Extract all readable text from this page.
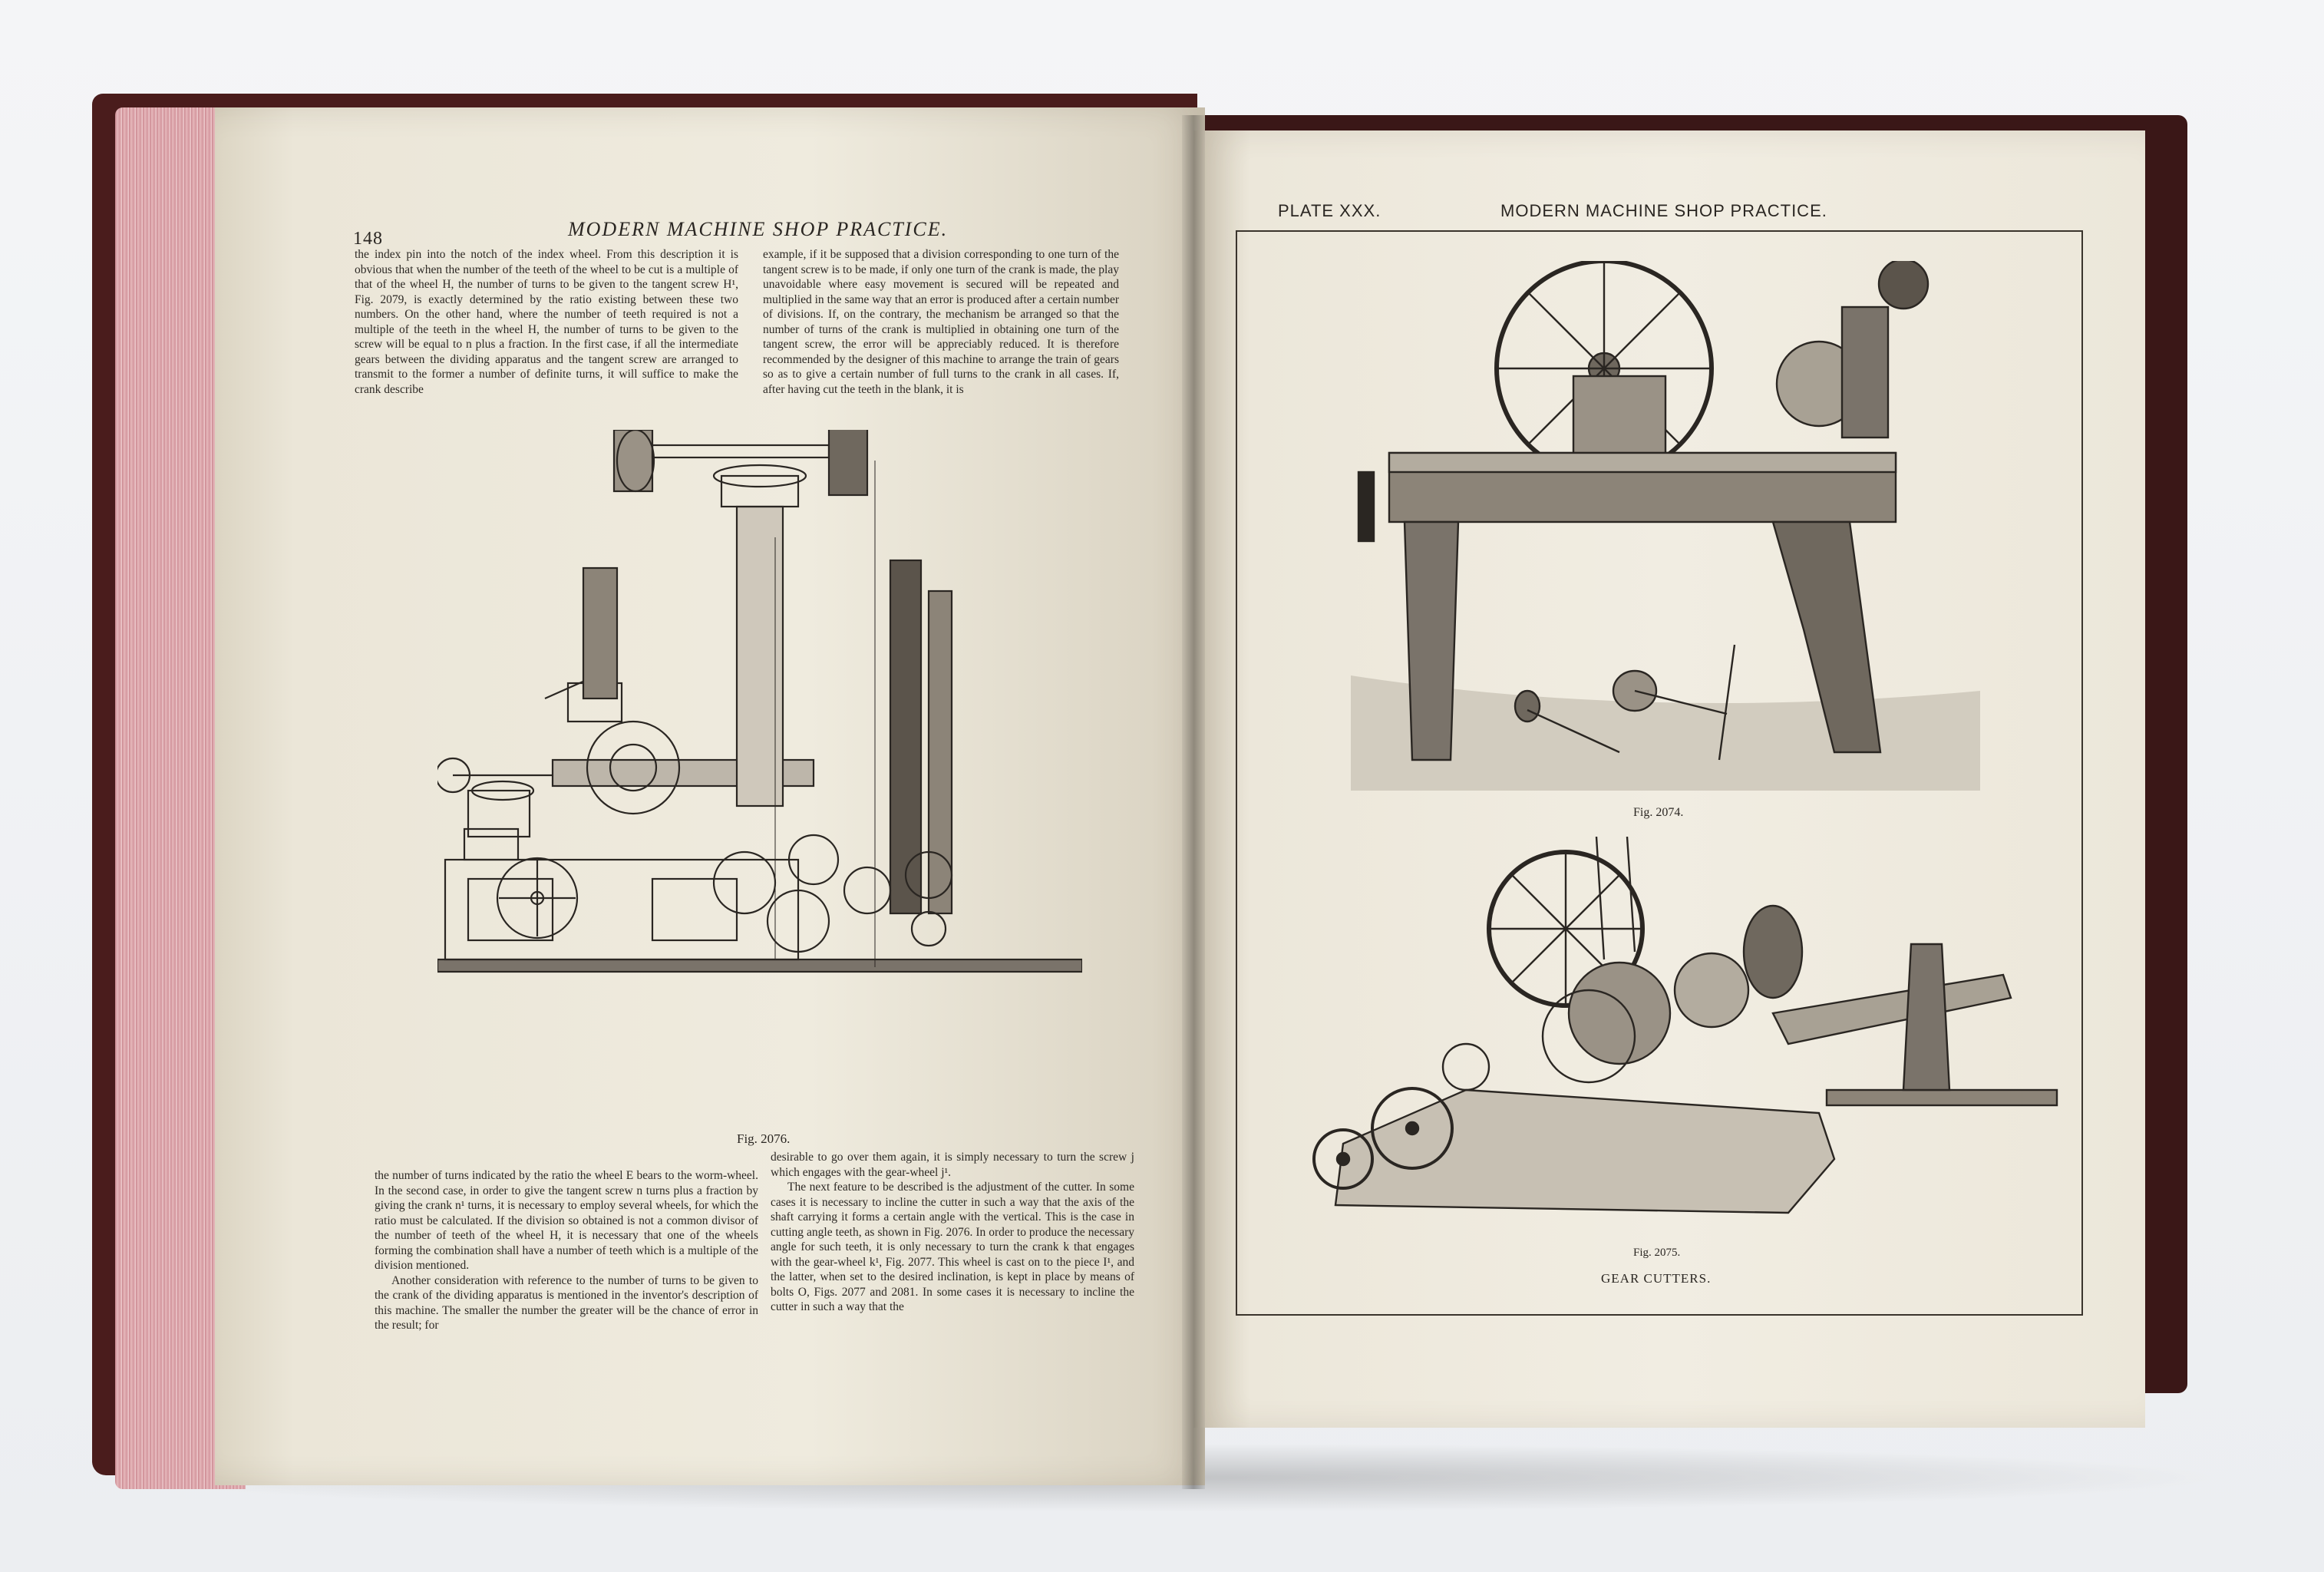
148	MODERN MACHINE SHOP PRACTICE.

the index pin into the notch of the index wheel. From this description it is obvious that when the number of the teeth of the wheel to be cut is a multiple of that of the wheel H, the number of turns to be given to the tangent screw H¹, Fig. 2079, is exactly determined by the ratio existing between these two numbers. On the other hand, where the number of teeth required is not a multiple of the teeth in the wheel H, the number of turns to be given to the screw will be equal to n plus a fraction. In the first case, if all the intermediate gears between the dividing apparatus and the tangent screw are arranged to transmit to the former a number of definite turns, it will suffice to make the crank describe

example, if it be supposed that a division corresponding to one turn of the tangent screw is to be made, if only one turn of the crank is made, the play unavoidable where easy movement is secured will be repeated and multiplied in the same way that an error is produced after a certain number of divisions. If, on the contrary, the mechanism be arranged so that the number of turns of the crank is multiplied in obtaining one turn of the tangent screw, the error will be appreciably reduced. It is therefore recommended by the designer of this machine to arrange the train of gears so as to give a certain number of full turns to the crank in all cases. If, after having cut the teeth in the blank, it is

Fig. 2076.

the number of turns indicated by the ratio the wheel E bears to the worm-wheel. In the second case, in order to give the tangent screw n turns plus a fraction by giving the crank n¹ turns, it is necessary to employ several wheels, for which the ratio must be calculated. If the division so obtained is not a common divisor of the number of teeth of the wheel H, it is necessary that one of the wheels forming the combination shall have a number of teeth which is a multiple of the division mentioned.

Another consideration with reference to the number of turns to be given to the crank of the dividing apparatus is mentioned in the inventor's description of this machine. The smaller the number the greater will be the chance of error in the result; for

desirable to go over them again, it is simply necessary to turn the screw j which engages with the gear-wheel j¹.

The next feature to be described is the adjustment of the cutter. In some cases it is necessary to incline the cutter in such a way that the axis of the shaft carrying it forms a certain angle with the vertical. This is the case in cutting angle teeth, as shown in Fig. 2076. In order to produce the necessary angle for such teeth, it is only necessary to turn the crank k that engages with the gear-wheel k¹, Fig. 2077. This wheel is cast on to the piece I¹, and the latter, when set to the desired inclination, is kept in place by means of bolts O, Figs. 2077 and 2081. In some cases it is necessary to incline the cutter in such a way that the

PLATE XXX.	MODERN MACHINE SHOP PRACTICE.
Fig. 2074.
Fig. 2075.
GEAR CUTTERS.
